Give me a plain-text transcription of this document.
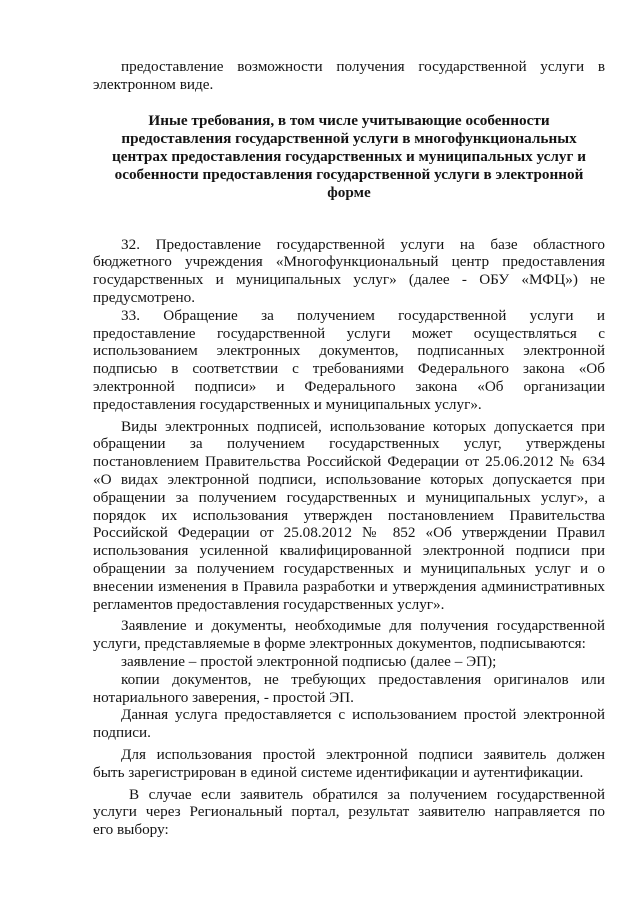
предоставление возможности получения государственной услуги в
электронном виде.
Иные требования, в том числе учитывающие особенности
предоставления государственной услуги в многофункциональных
центрах предоставления государственных и муниципальных услуг и
особенности предоставления государственной услуги в электронной
форме
32. Предоставление государственной услуги на базе областного
бюджетного учреждения «Многофункциональный центр предоставления
государственных и муниципальных услуг» (далее - ОБУ «МФЦ») не
предусмотрено.
33. Обращение за получением государственной услуги и
предоставление государственной услуги может осуществляться с
использованием электронных документов, подписанных электронной
подписью в соответствии с требованиями Федерального закона «Об
электронной подписи» и Федерального закона «Об организации
предоставления государственных и муниципальных услуг».
Виды электронных подписей, использование которых допускается при
обращении за получением государственных услуг, утверждены
постановлением Правительства Российской Федерации от 25.06.2012 № 634
«О видах электронной подписи, использование которых допускается при
обращении за получением государственных и муниципальных услуг», а
порядок их использования утвержден постановлением Правительства
Российской Федерации от 25.08.2012 № 852 «Об утверждении Правил
использования усиленной квалифицированной электронной подписи при
обращении за получением государственных и муниципальных услуг и о
внесении изменения в Правила разработки и утверждения административных
регламентов предоставления государственных услуг».
Заявление и документы, необходимые для получения государственной
услуги, представляемые в форме электронных документов, подписываются:
заявление – простой электронной подписью (далее – ЭП);
копии документов, не требующих предоставления оригиналов или
нотариального заверения, - простой ЭП.
Данная услуга предоставляется с использованием простой электронной
подписи.
Для использования простой электронной подписи заявитель должен
быть зарегистрирован в единой системе идентификации и аутентификации.
В случае если заявитель обратился за получением государственной
услуги через Региональный портал, результат заявителю направляется по
его выбору:
